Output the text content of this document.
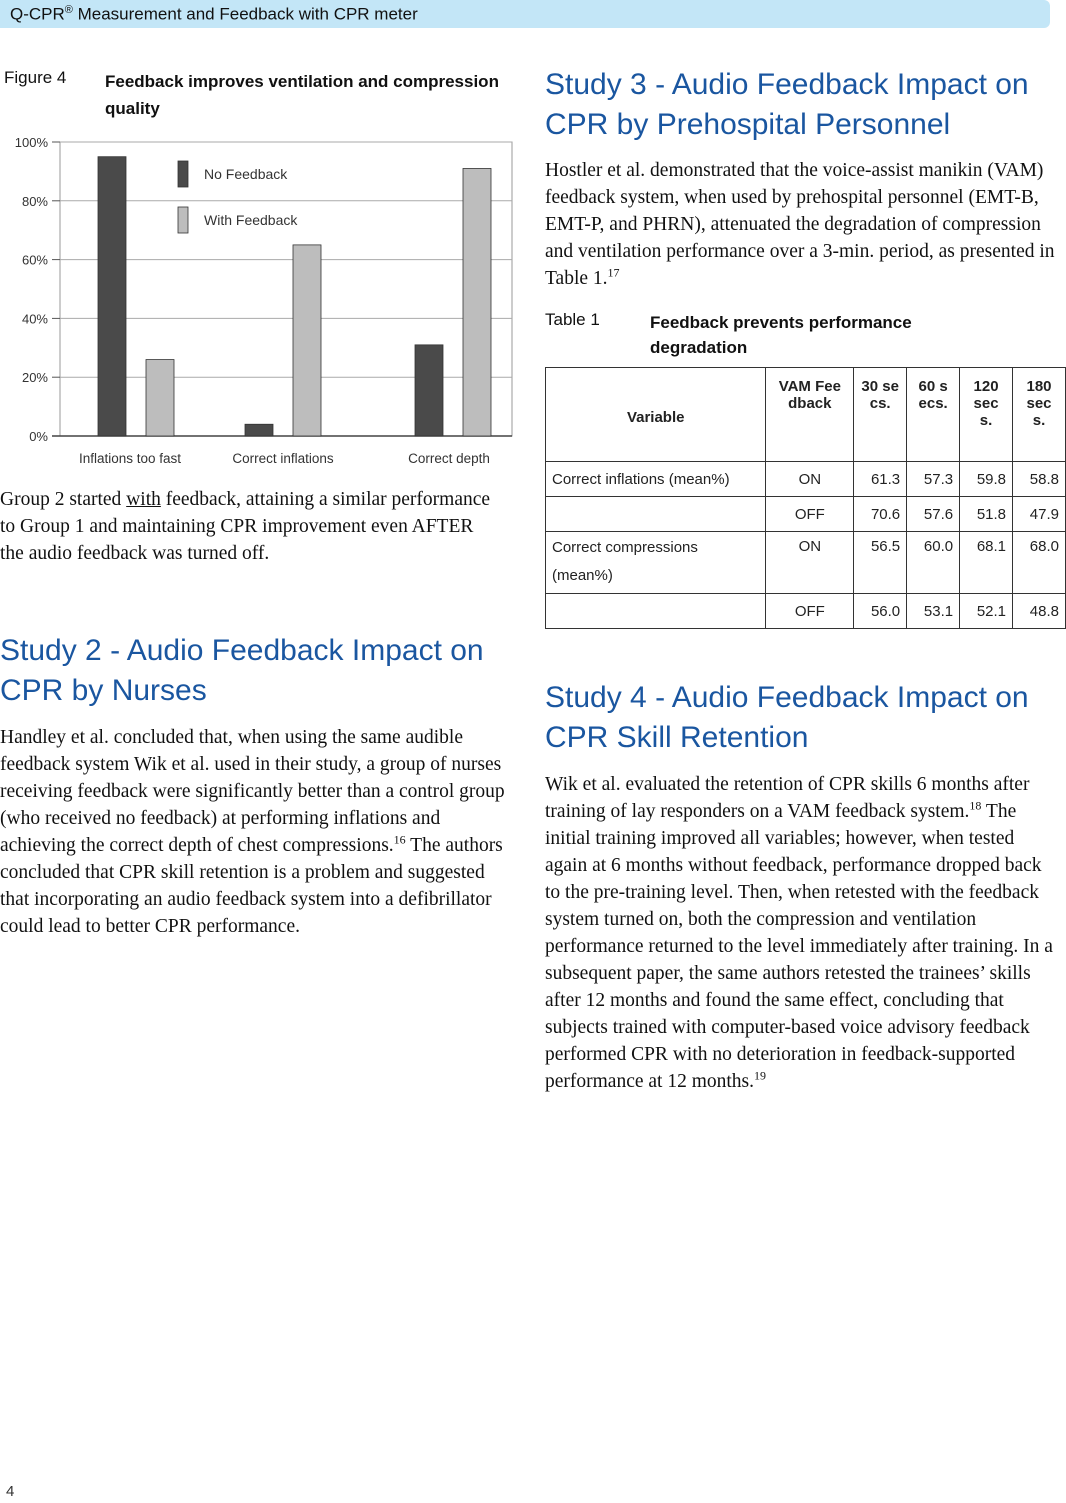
Q-CPR® Measurement and Feedback with CPR meter
Figure 4 Feedback improves ventilation and compression quality
100%
80%
60%
40%
20%
0%
Inflations too fast	Correct inflations	Correct depth
No Feedback
With Feedback

Group 2 started with feedback, attaining a similar performance to Group 1 and maintaining CPR improvement even AFTER the audio feedback was turned off.

Study 2 - Audio Feedback Impact on CPR by Nurses

Handley et al. concluded that, when using the same audible feedback system Wik et al. used in their study, a group of nurses receiving feedback were significantly better than a control group (who received no feedback) at performing inflations and achieving the correct depth of chest compressions.$^{16}$ The authors concluded that CPR skill retention is a problem and suggested that incorporating an audio feedback system into a defibrillator could lead to better CPR performance.

Study 3 - Audio Feedback Impact on CPR by Prehospital Personnel

Hostler et al. demonstrated that the voice-assist manikin (VAM) feedback system, when used by prehospital personnel (EMT-B, EMT-P, and PHRN), attenuated the degradation of compression and ventilation performance over a 3-min. period, as presented in Table 1.17

Table 1	Feedback prevents performance degradation
Variable	VAM Feedback	30 secs.	60 secs.	120 secs.	180 secs.

Correct inflations (mean%)	ON	61.3	57.3	59.8	58.8
	OFF	70.6	57.6	51.8	47.9
Correct compressions (mean%)	ON	56.5	60.0	68.1	68.0
	OFF	56.0	53.1	52.1	48.8
Study 4 - Audio Feedback Impact on CPR Skill Retention

Wik et al. evaluated the retention of CPR skills 6 months after training of lay responders on a VAM feedback system.$^{18}$ The initial training improved all variables; however, when tested again at 6 months without feedback, performance dropped back to the pre-training level. Then, when retested with the feedback system turned on, both the compression and ventilation performance returned to the level immediately after training. In a subsequent paper, the same authors retested the trainees’ skills after 12 months and found the same effect, concluding that subjects trained with computer-based voice advisory feedback performed CPR with no deterioration in feedback-supported performance at 12 months.$^{19}$

4
